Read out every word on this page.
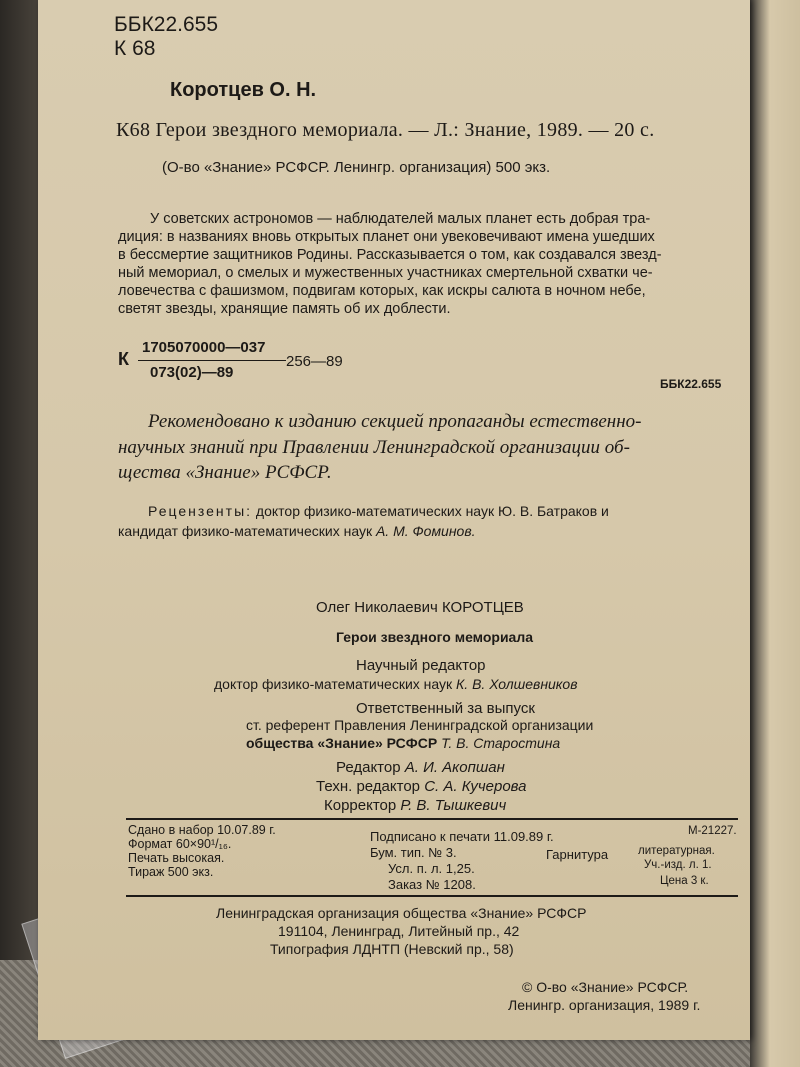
ББК22.655
К 68
Коротцев О. Н.
К68 Герои звездного мемориала. — Л.: Знание, 1989. — 20 с.
(О-во «Знание» РСФСР. Ленингр. организация) 500 экз.
У советских астрономов — наблюдателей малых планет есть добрая тра-
диция: в названиях вновь открытых планет они увековечивают имена ушедших
в бессмертие защитников Родины. Рассказывается о том, как создавался звезд-
ный мемориал, о смелых и мужественных участниках смертельной схватки че-
ловечества с фашизмом, подвигам которых, как искры салюта в ночном небе,
светят звезды, хранящие память об их доблести.
К
1705070000—037
073(02)—89
256—89
ББК22.655
Рекомендовано к изданию секцией пропаганды естественно-
научных знаний при Правлении Ленинградской организации об-
щества «Знание» РСФСР.
Рецензенты: доктор физико-математических наук Ю. В. Батраков и
кандидат физико-математических наук А. М. Фоминов.
Олег Николаевич КОРОТЦЕВ
Герои звездного мемориала
Научный редактор
доктор физико-математических наук К. В. Холшевников
Ответственный за выпуск
ст. референт Правления Ленинградской организации
общества «Знание» РСФСР Т. В. Старостина
Редактор А. И. Акопшан
Техн. редактор С. А. Кучерова
Корректор Р. В. Тышкевич
Сдано в набор 10.07.89 г.
Формат 60×90¹/₁₆.
Печать высокая.
Тираж 500 экз.
Подписано к печати 11.09.89 г.
Бум. тип. № 3.
Усл. п. л. 1,25.
Заказ № 1208.
Гарнитура
М-21227.
литературная.
Уч.-изд. л. 1.
Цена 3 к.
Ленинградская организация общества «Знание» РСФСР
191104, Ленинград, Литейный пр., 42
Типография ЛДНТП (Невский пр., 58)
© О-во «Знание» РСФСР.
Ленингр. организация, 1989 г.
